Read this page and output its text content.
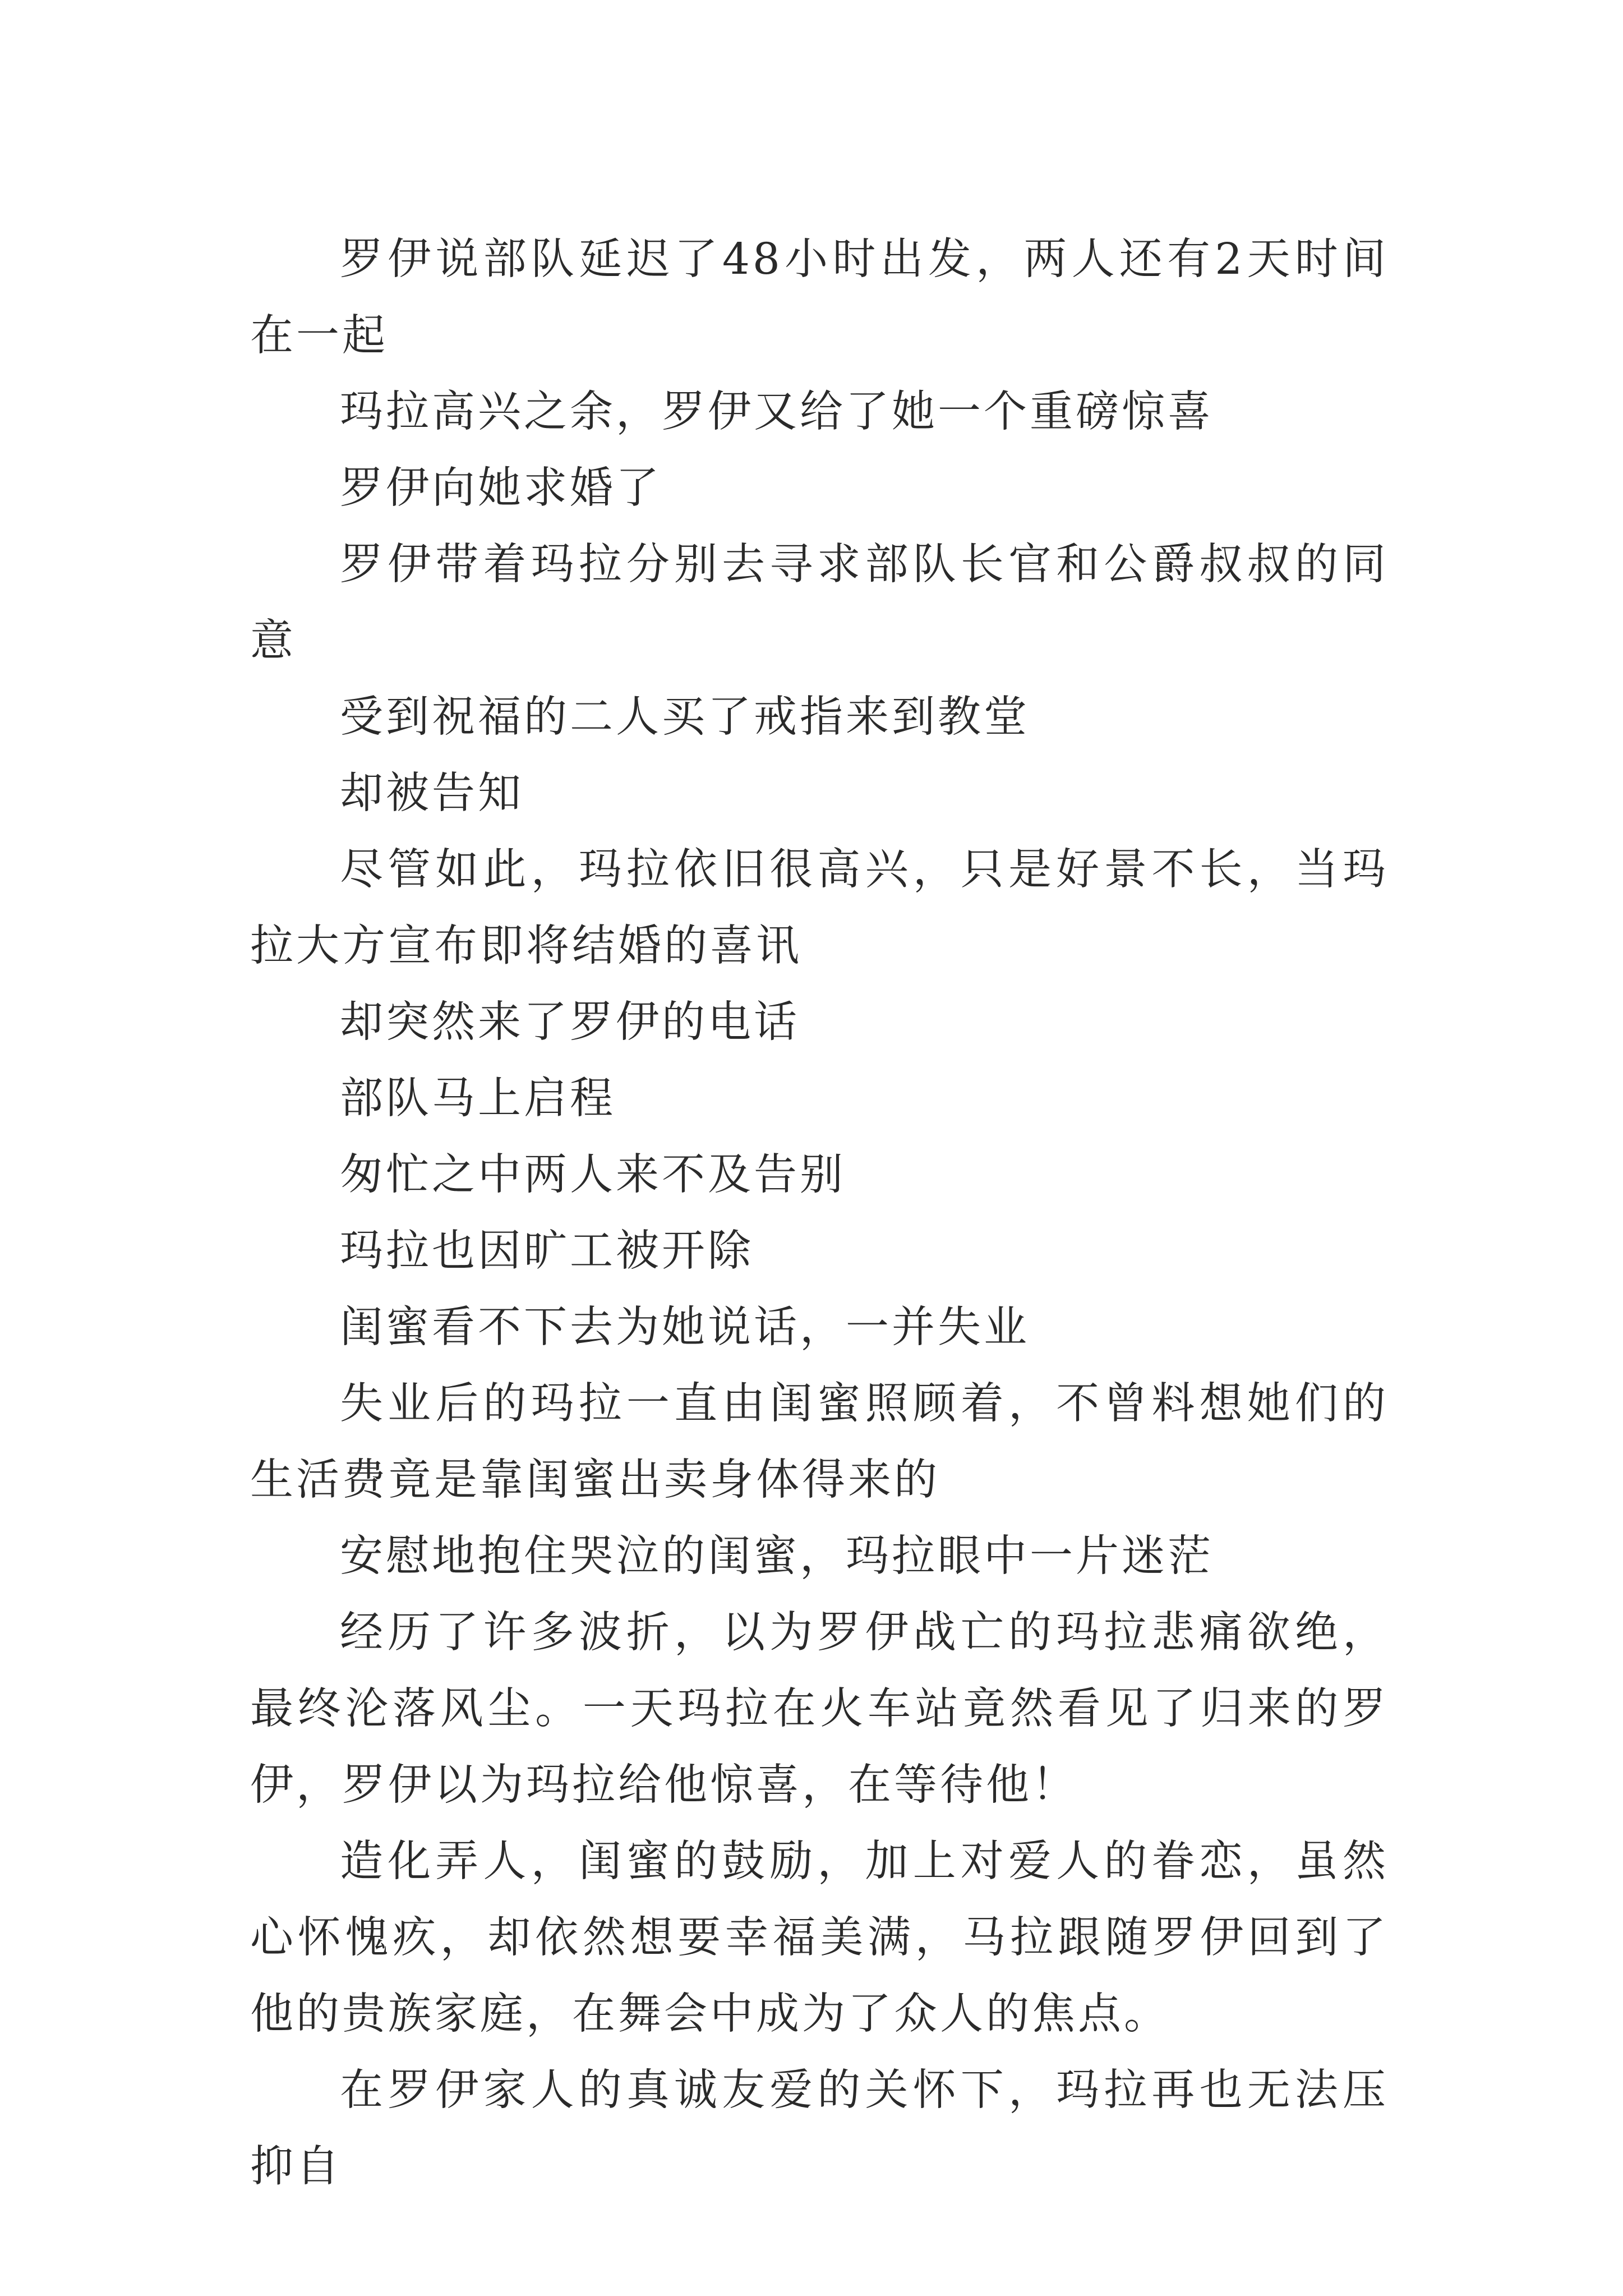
罗伊说部队延迟了48小时出发，两人还有2天时间在一起

玛拉高兴之余，罗伊又给了她一个重磅惊喜

罗伊向她求婚了

罗伊带着玛拉分别去寻求部队长官和公爵叔叔的同意

受到祝福的二人买了戒指来到教堂

却被告知

尽管如此，玛拉依旧很高兴，只是好景不长，当玛拉大方宣布即将结婚的喜讯

却突然来了罗伊的电话

部队马上启程

匆忙之中两人来不及告别

玛拉也因旷工被开除

闺蜜看不下去为她说话，一并失业

失业后的玛拉一直由闺蜜照顾着，不曾料想她们的生活费竟是靠闺蜜出卖身体得来的

安慰地抱住哭泣的闺蜜，玛拉眼中一片迷茫

经历了许多波折，以为罗伊战亡的玛拉悲痛欲绝，最终沦落风尘。一天玛拉在火车站竟然看见了归来的罗伊，罗伊以为玛拉给他惊喜，在等待他！

造化弄人，闺蜜的鼓励，加上对爱人的眷恋，虽然心怀愧疚，却依然想要幸福美满，马拉跟随罗伊回到了他的贵族家庭，在舞会中成为了众人的焦点。

在罗伊家人的真诚友爱的关怀下，玛拉再也无法压抑自
